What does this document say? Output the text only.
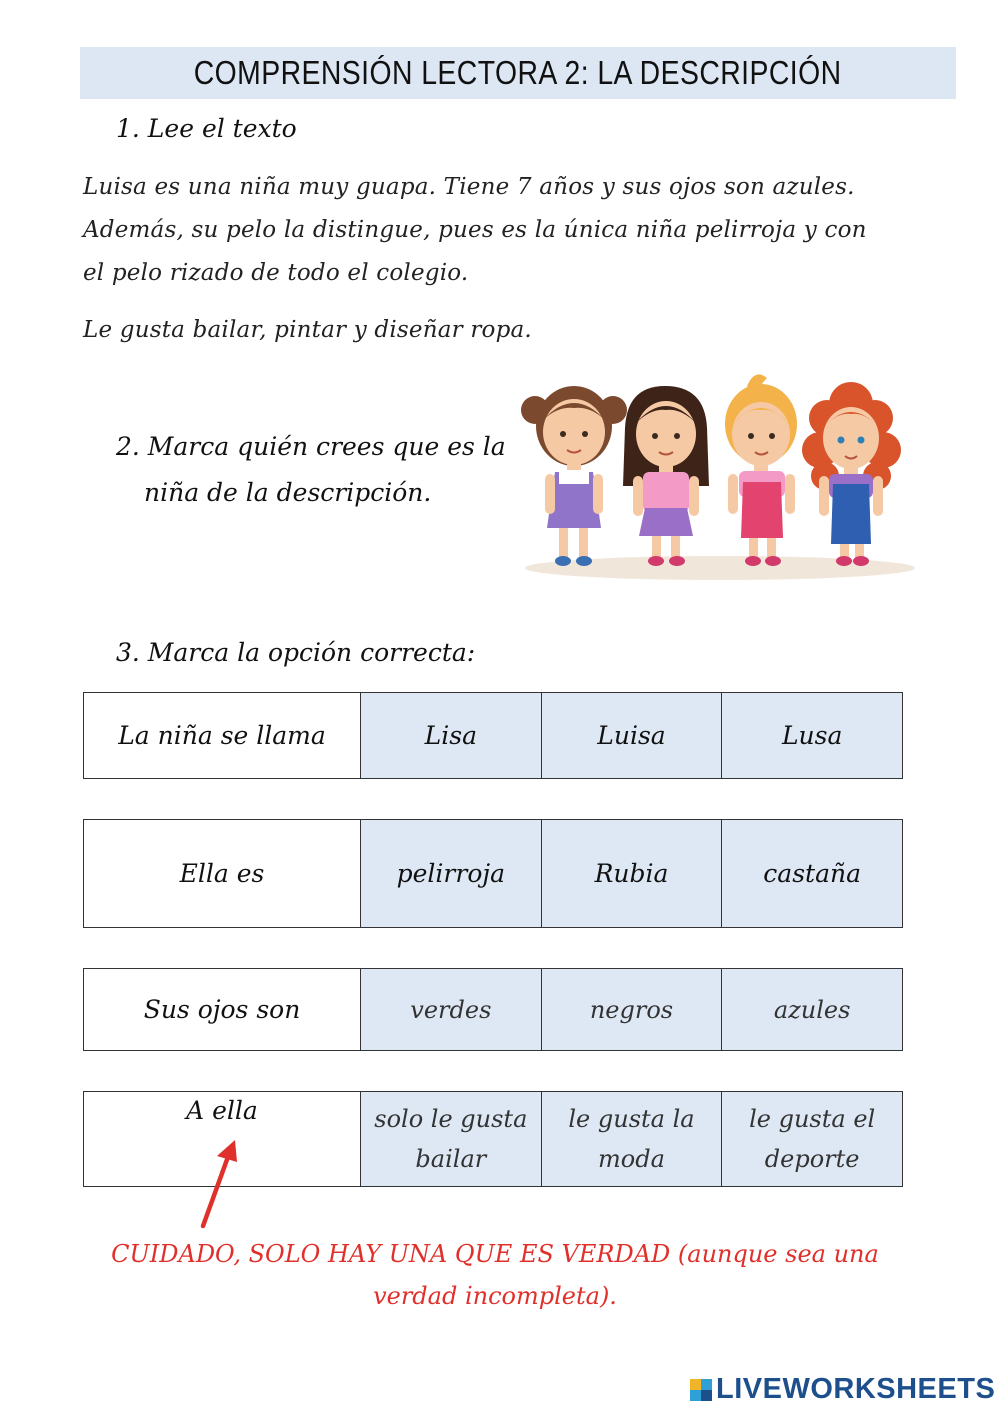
COMPRENSIÓN LECTORA 2: LA DESCRIPCIÓN
1. Lee el texto
Luisa es una niña muy guapa. Tiene 7 años y sus ojos son azules.
Además, su pelo la distingue, pues es la única niña pelirroja y con
el pelo rizado de todo el colegio.
Le gusta bailar, pintar y diseñar ropa.
2. Marca quién crees que es la
niña de la descripción.
3. Marca la opción correcta:
La niña se llama	Lisa	Luisa	Lusa
Ella es	pelirroja	Rubia	castaña
Sus ojos son	verdes	negros	azules
A ella	solo le gusta bailar	le gusta la moda	le gusta el deporte
CUIDADO, SOLO HAY UNA QUE ES VERDAD (aunque sea una
verdad incompleta).
LIVEWORKSHEETS
